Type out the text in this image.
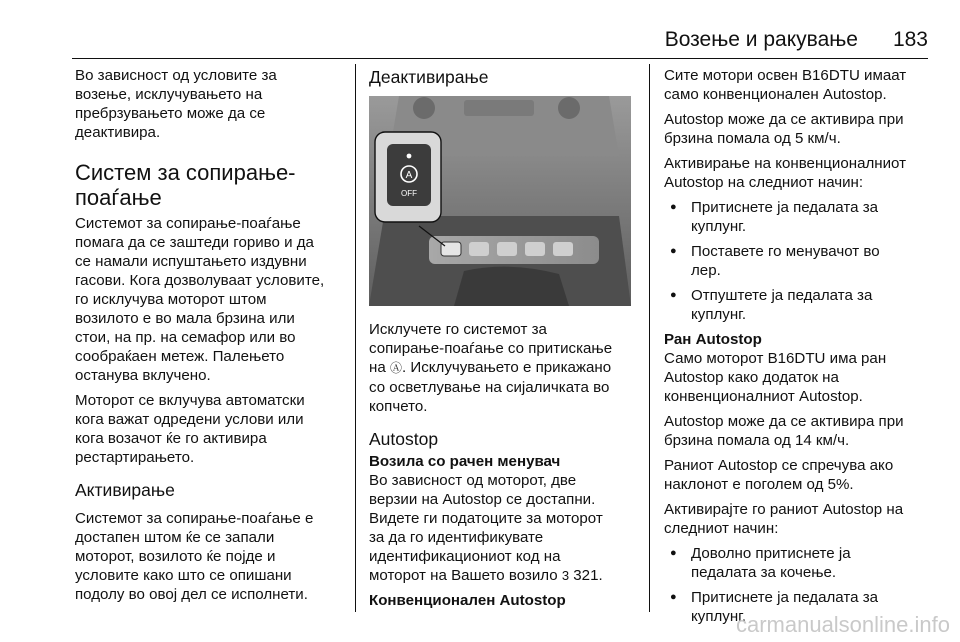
Возење и ракување 183

Во зависност од условите за
возење, исклучувањето на
пребрзувањето може да се
деактивира.

Систем за сопирање-
поаѓање

Системот за сопирање-поаѓање
помага да се заштеди гориво и да
се намали испуштањето издувни
гасови. Кога дозволуваат условите,
го исклучува моторот штом
возилото е во мала брзина или
стои, на пр. на семафор или во
сообраќаен метеж. Палењето
останува вклучено.

Моторот се вклучува автоматски
кога важат одредени услови или
кога возачот ќе го активира
рестартирањето.

Активирање

Системот за сопирање-поаѓање е
достапен штом ќе се запали
моторот, возилото ќе појде и
условите како што се опишани
подолу во овој дел се исполнети.

Деактивирање
A
OFF

Исклучете го системот за
сопирање-поаѓање со притискање
на Ⓐ. Исклучувањето е прикажано
со осветлување на сијаличката во
копчето.

Autostop
Возила со рачен менувач

Во зависност од моторот, две
верзии на Autostop се достапни.
Видете ги податоците за моторот
за да го идентификувате
идентификациониот код на
моторот на Вашето возило 3 321.

Конвенционален Autostop

Сите мотори освен B16DTU имаат
само конвенционален Autostop.

Autostop може да се активира при
брзина помала од 5 км/ч.

Активирање на конвенционалниот
Autostop на следниот начин:

● Притиснете ја педалата за
куплунг.
● Поставете го менувачот во
лер.
● Отпуштете ја педалата за
куплунг.
Ран Autostop

Само моторот B16DTU има ран
Autostop како додаток на
конвенционалниот Autostop.

Autostop може да се активира при
брзина помала од 14 км/ч.

Раниот Autostop се спречува ако
наклонот е поголем од 5%.

Активирајте го раниот Autostop на
следниот начин:

● Доволно притиснете ја
педалата за кочење.
● Притиснете ја педалата за
куплунг.
carmanualsonline.info
